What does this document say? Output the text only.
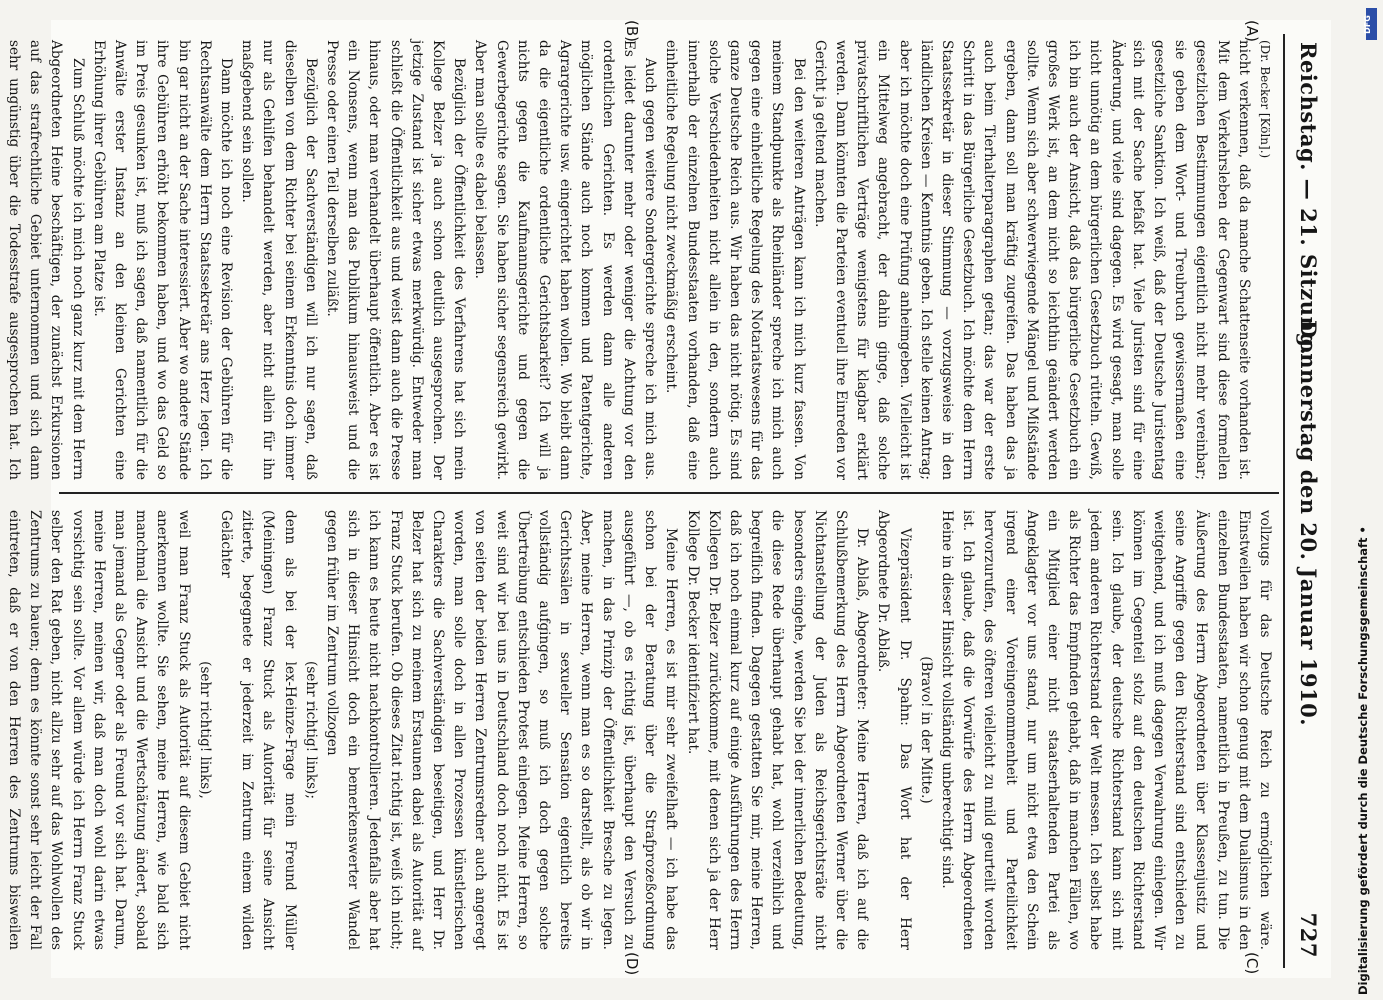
Reichstag. — 21. Sitzung.
Donnerstag den 20. Januar 1910.
727
(A)
(B)
(C)
(D)

(Dr. Becker [Köln].)

nicht verkennen, daß da manche Schattenseite vorhanden ist. Mit dem Verkehrsleben der Gegenwart sind diese formellen gesetzlichen Bestimmungen eigentlich nicht mehr vereinbar; sie geben dem Wort- und Treubruch gewissermaßen eine gesetzliche Sanktion. Ich weiß, daß der Deutsche Juristentag sich mit der Sache befaßt hat. Viele Juristen sind für eine Änderung, und viele sind dagegen. Es wird gesagt, man solle nicht unnötig an dem bürgerlichen Gesetzbuch rütteln. Gewiß, ich bin auch der Ansicht, daß das bürgerliche Gesetzbuch ein großes Werk ist, an dem nicht so leichthin geändert werden sollte. Wenn sich aber schwerwiegende Mängel und Mißstände ergeben, dann soll man kräftig zugreifen. Das haben das ja auch beim Tierhalterparagraphen getan; das war der erste Schritt in das Bürgerliche Gesetzbuch. Ich möchte dem Herrn Staatssekretär in dieser Stimmung — vorzugsweise in den ländlichen Kreisen — Kenntnis geben. Ich stelle keinen Antrag; aber ich möchte doch eine Prüfung anheimgeben. Vielleicht ist ein Mittelweg angebracht, der dahin ginge, daß solche privatschriftlichen Verträge wenigstens für klagbar erklärt werden. Dann könnten die Parteien eventuell ihre Einreden vor Gericht ja geltend machen.

Bei den weiteren Anträgen kann ich mich kurz fassen. Von meinem Standpunkte als Rheinländer spreche ich mich auch gegen eine einheitliche Regelung des Notariatswesens für das ganze Deutsche Reich aus. Wir haben das nicht nötig. Es sind solche Verschiedenheiten nicht allein in den, sondern auch innerhalb der einzelnen Bundesstaaten vorhanden, daß eine einheitliche Regelung nicht zweckmäßig erscheint.

Auch gegen weitere Sondergerichte spreche ich mich aus. Es leidet darunter mehr oder weniger die Achtung vor den ordentlichen Gerichten. Es werden dann alle anderen möglichen Stände auch noch kommen und Patentgerichte, Agrargerichte usw. eingerichtet haben wollen. Wo bleibt dann da die eigentliche ordentliche Gerichtsbarkeit? Ich will ja nichts gegen die Kaufmannsgerichte und gegen die Gewerbegerichte sagen. Sie haben sicher segensreich gewirkt. Aber man sollte es dabei belassen.

Bezüglich der Öffentlichkeit des Verfahrens hat sich mein Kollege Belzer ja auch schon deutlich ausgesprochen. Der jetzige Zustand ist sicher etwas merkwürdig. Entweder man schließt die Öffentlichkeit aus und weist dann auch die Presse hinaus, oder man verhandelt überhaupt öffentlich. Aber es ist ein Nonsens, wenn man das Publikum hinausweist und die Presse oder einen Teil derselben zuläßt.

Bezüglich der Sachverständigen will ich nur sagen, daß dieselben von dem Richter bei seinem Erkenntnis doch immer nur als Gehilfen behandelt werden, aber nicht allein für ihn maßgebend sein sollen.

Dann möchte ich noch eine Revision der Gebühren für die Rechtsanwälte dem Herrn Staatssekretär ans Herz legen. Ich bin gar nicht an der Sache interessiert. Aber wo andere Stände ihre Gebühren erhöht bekommen haben, und wo das Geld so im Preis gesunken ist, muß ich sagen, daß namentlich für die Anwälte erster Instanz an den kleinen Gerichten eine Erhöhung ihrer Gebühren am Platze ist.

Zum Schluß möchte ich mich noch ganz kurz mit dem Herrn Abgeordneten Heine beschäftigen, der zunächst Erkursionen auf das strafrechtliche Gebiet unternommen und sich dann sehr ungünstig über die Todesstrafe ausgesprochen hat. Ich

vollzugs für das Deutsche Reich zu ermöglichen wäre. Einstweilen haben wir schon genug mit dem Dualismus in den einzelnen Bundesstaaten, namentlich in Preußen, zu tun. Die Äußerung des Herrn Abgeordneten über Klassenjustiz und seine Angriffe gegen den Richterstand sind entschieden zu weitgehend, und ich muß dagegen Verwahrung einlegen. Wir können im Gegenteil stolz auf den deutschen Richterstand sein. Ich glaube, der deutsche Richterstand kann sich mit jedem anderen Richterstand der Welt messen. Ich selbst habe als Richter das Empfinden gehabt, daß in manchen Fällen, wo ein Mitglied einer nicht staatserhaltenden Partei als Angeklagter vor uns stand, nur um nicht etwa den Schein irgend einer Voreingenommenheit und Parteilichkeit hervorzurufen, des öfteren vielleicht zu mild geurteilt worden ist. Ich glaube, daß die Vorwürfe des Herrn Abgeordneten Heine in dieser Hinsicht vollständig unberechtigt sind.

(Bravo! in der Mitte.)

Vizepräsident Dr. Spahn: Das Wort hat der Herr Abgeordnete Dr. Ablaß.

Dr. Ablaß, Abgeordneter: Meine Herren, daß ich auf die Schlußbemerkung des Herrn Abgeordneten Werner über die Nichtanstellung der Juden als Reichsgerichtsräte nicht besonders eingehe, werden Sie bei der innerlichen Bedeutung, die diese Rede überhaupt gehabt hat, wohl verzeihlich und begreiflich finden. Dagegen gestatten Sie mir, meine Herren, daß ich noch einmal kurz auf einige Ausführungen des Herrn Kollegen Dr. Belzer zurückkomme, mit denen sich ja der Herr Kollege Dr. Becker identifiziert hat.

Meine Herren, es ist mir sehr zweifelhaft — ich habe das schon bei der Beratung über die Strafprozeßordnung ausgeführt —, ob es richtig ist, überhaupt den Versuch zu machen, in das Prinzip der Öffentlichkeit Bresche zu legen. Aber, meine Herren, wenn man es so darstellt, als ob wir in Gerichtssälen in sexueller Sensation eigentlich bereits vollständig aufgingen, so muß ich doch gegen solche Übertreibung entschieden Protest einlegen. Meine Herren, so weit sind wir bei uns in Deutschland doch noch nicht. Es ist von seiten der beiden Herren Zentrumsredner auch angeregt worden, man solle doch in allen Prozessen künstlerischen Charakters die Sachverständigen beseitigen, und Herr Dr. Belzer hat sich zu meinem Erstaunen dabei als Autorität auf Franz Stuck berufen. Ob dieses Zitat richtig ist, weiß ich nicht; ich kann es heute nicht nachkontrollieren. Jedenfalls aber hat sich in dieser Hinsicht doch ein bemerkenswerter Wandel gegen früher im Zentrum vollzogen

(sehr richtig! links);

denn als bei der lex-Heinze-Frage mein Freund Müller (Meiningen) Franz Stuck als Autorität für seine Ansicht zitierte, begegnete er jederzeit im Zentrum einem wilden Gelächter

(sehr richtig! links),

weil man Franz Stuck als Autorität auf diesem Gebiet nicht anerkennen wollte. Sie sehen, meine Herren, wie bald sich manchmal die Ansicht und die Wertschätzung ändert, sobald man jemand als Gegner oder als Freund vor sich hat. Darum, meine Herren, meinen wir, daß man doch wohl darin etwas vorsichtig sein sollte. Vor allem würde ich Herrn Franz Stuck selber den Rat geben, nicht allzu sehr auf das Wohlwollen des Zentrums zu bauen; denn es könnte sonst sehr leicht der Fall eintreten, daß er von den Herren des Zentrums bisweilen	Digitalisierung gefördert durch die Deutsche Forschungsgemeinschaft •
DFG
